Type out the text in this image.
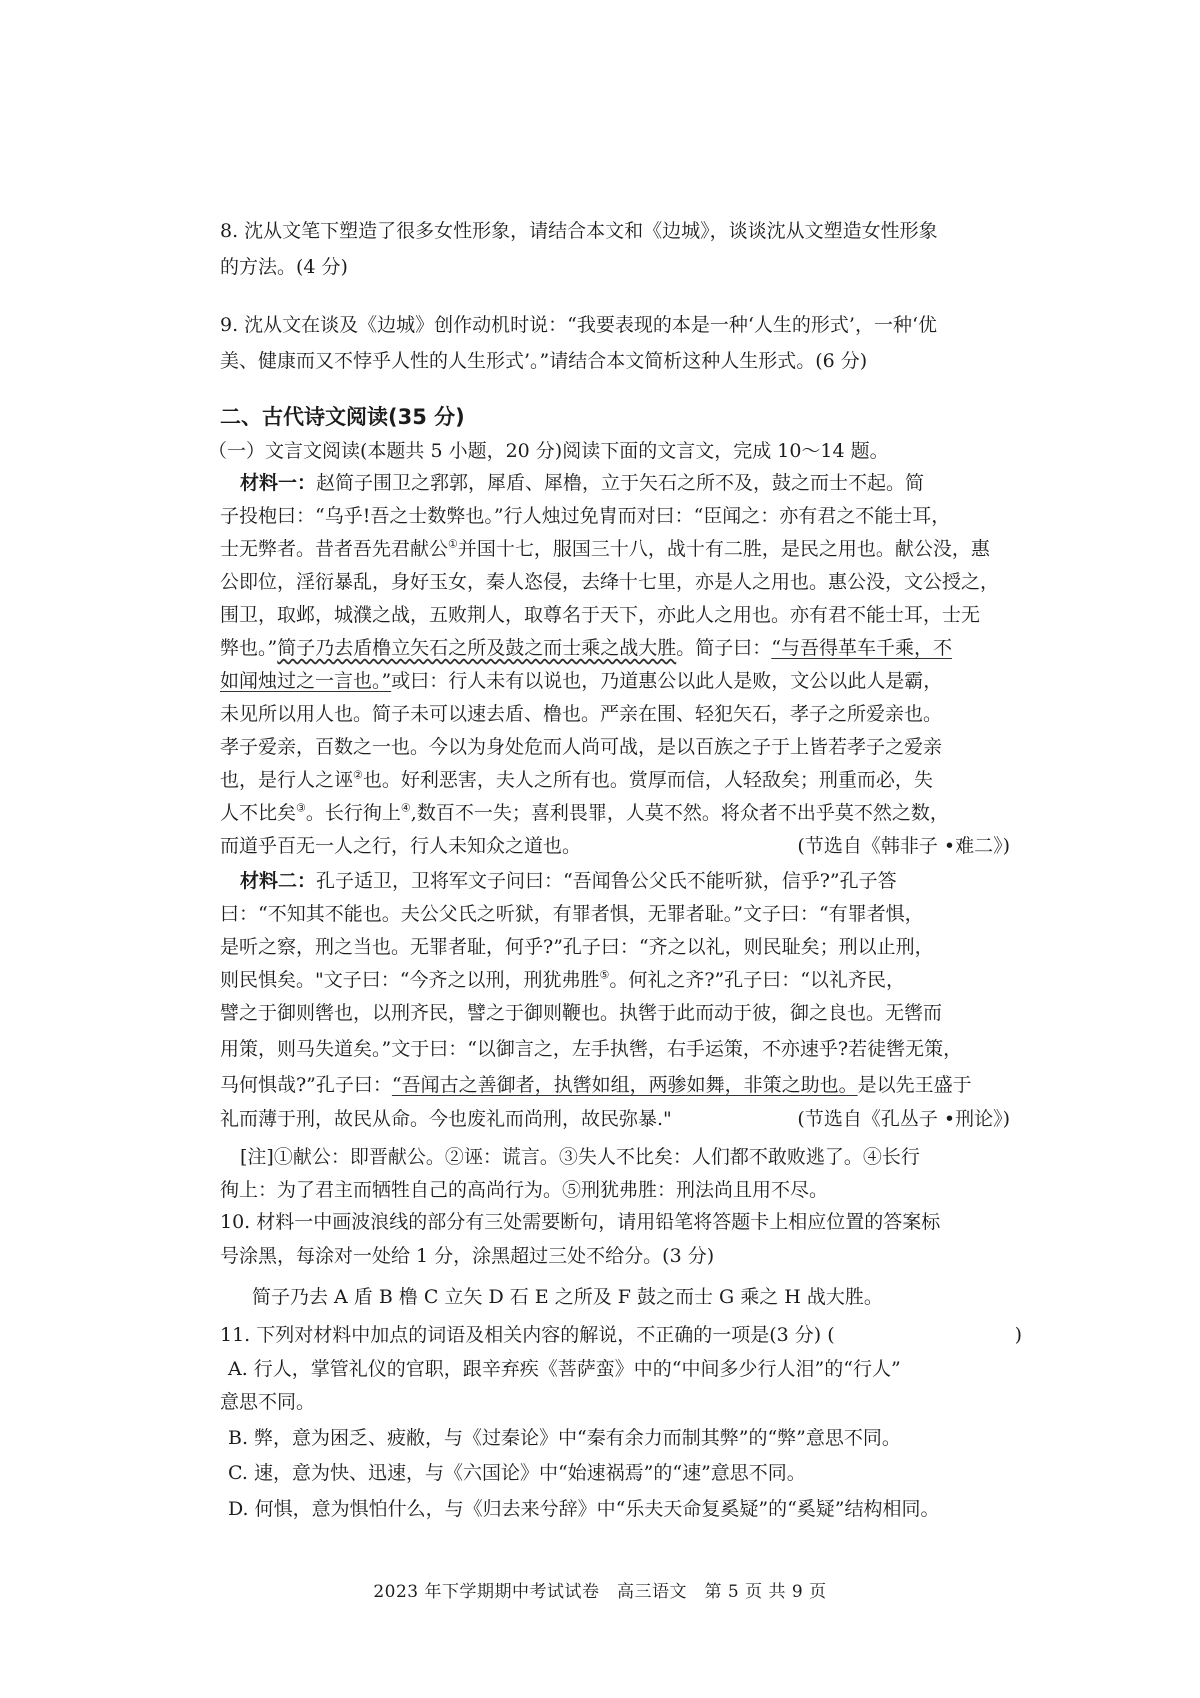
8. 沈从文笔下塑造了很多女性形象，请结合本文和《边城》，谈谈沈从文塑造女性形象
的方法。(4 分)
9. 沈从文在谈及《边城》创作动机时说：“我要表现的本是一种‘人生的形式’，一种‘优
美、健康而又不悖乎人性的人生形式’。”请结合本文简析这种人生形式。(6 分)
二、古代诗文阅读(35 分)
（一）文言文阅读(本题共 5 小题，20 分)阅读下面的文言文，完成 10～14 题。
材料一：赵简子围卫之郛郭，犀盾、犀橹，立于矢石之所不及，鼓之而士不起。简
子投枹曰：“乌乎!吾之士数弊也。”行人烛过免胄而对曰：“臣闻之：亦有君之不能士耳，
士无弊者。昔者吾先君献公①并国十七，服国三十八，战十有二胜，是民之用也。献公没，惠
公即位，淫衍暴乱，身好玉女，秦人恣侵，去绛十七里，亦是人之用也。惠公没，文公授之，
围卫，取邺，城濮之战，五败荆人，取尊名于天下，亦此人之用也。亦有君不能士耳，士无
弊也。”简子乃去盾橹立矢石之所及鼓之而士乘之战大胜。简子曰：“与吾得革车千乘，不
如闻烛过之一言也。”或曰：行人未有以说也，乃道惠公以此人是败，文公以此人是霸，
未见所以用人也。简子未可以速去盾、橹也。严亲在围、轻犯矢石，孝子之所爱亲也。
孝子爱亲，百数之一也。今以为身处危而人尚可战，是以百族之子于上皆若孝子之爱亲
也，是行人之诬②也。好利恶害，夫人之所有也。赏厚而信，人轻敌矣；刑重而必，失
人不比矣③。长行徇上④,数百不一失；喜利畏罪，人莫不然。将众者不出乎莫不然之数，
而道乎百无一人之行，行人未知众之道也。	(节选自《韩非子 •难二》)
材料二：孔子适卫，卫将军文子问曰：“吾闻鲁公父氏不能听狱，信乎?”孔子答
曰：“不知其不能也。夫公父氏之听狱，有罪者惧，无罪者耻。”文子曰：“有罪者惧，
是听之察，刑之当也。无罪者耻，何乎?”孔子曰：“齐之以礼，则民耻矣；刑以止刑，
则民惧矣。"文子曰：“今齐之以刑，刑犹弗胜⑤。何礼之齐?”孔子曰：“以礼齐民，
譬之于御则辔也，以刑齐民，譬之于御则鞭也。执辔于此而动于彼，御之良也。无辔而
用策，则马失道矣。”文于曰：“以御言之，左手执辔，右手运策，不亦速乎?若徒辔无策，
马何惧哉?”孔子曰：“吾闻古之善御者，执辔如组，两骖如舞，非策之助也。是以先王盛于
礼而薄于刑，故民从命。今也废礼而尚刑，故民弥暴."	(节选自《孔丛子 •刑论》)
[注]①献公：即晋献公。②诬：谎言。③失人不比矣：人们都不敢败逃了。④长行
徇上：为了君主而牺牲自己的高尚行为。⑤刑犹弗胜：刑法尚且用不尽。
10. 材料一中画波浪线的部分有三处需要断句，请用铅笔将答题卡上相应位置的答案标
号涂黑，每涂对一处给 1 分，涂黑超过三处不给分。(3 分)
简子乃去 A 盾 B 橹 C 立矢 D 石 E 之所及 F 鼓之而士 G 乘之 H 战大胜。
11. 下列对材料中加点的词语及相关内容的解说，不正确的一项是(3 分) (	)
A. 行人，掌管礼仪的官职，跟辛弃疾《菩萨蛮》中的“中间多少行人泪”的“行人”
意思不同。
B. 弊，意为困乏、疲敝，与《过秦论》中“秦有余力而制其弊”的“弊”意思不同。
C. 速，意为快、迅速，与《六国论》中“始速祸焉”的“速”意思不同。
D. 何惧，意为惧怕什么，与《归去来兮辞》中“乐夫天命复奚疑”的“奚疑”结构相同。
2023 年下学期期中考试试卷　高三语文　第 5 页 共 9 页
